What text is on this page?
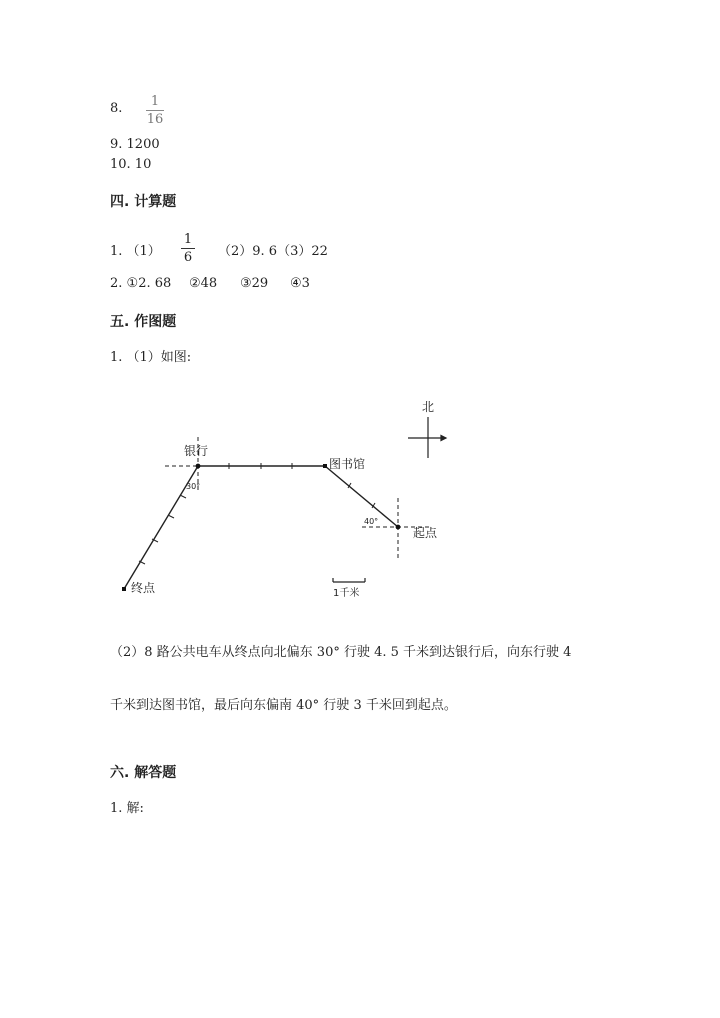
8.	1
16
9. 1200
10. 10
四. 计算题
1. （1）
1
6 （2）9. 6（3）22
2. ①2. 68 ②48 ③29 ④3
五. 作图题
1. （1）如图:
北
银行
图书馆
起点
终点
30°
40°
1千米
（2）8 路公共电车从终点向北偏东 30° 行驶 4. 5 千米到达银行后，向东行驶 4
千米到达图书馆，最后向东偏南 40° 行驶 3 千米回到起点。
六. 解答题
1. 解:
